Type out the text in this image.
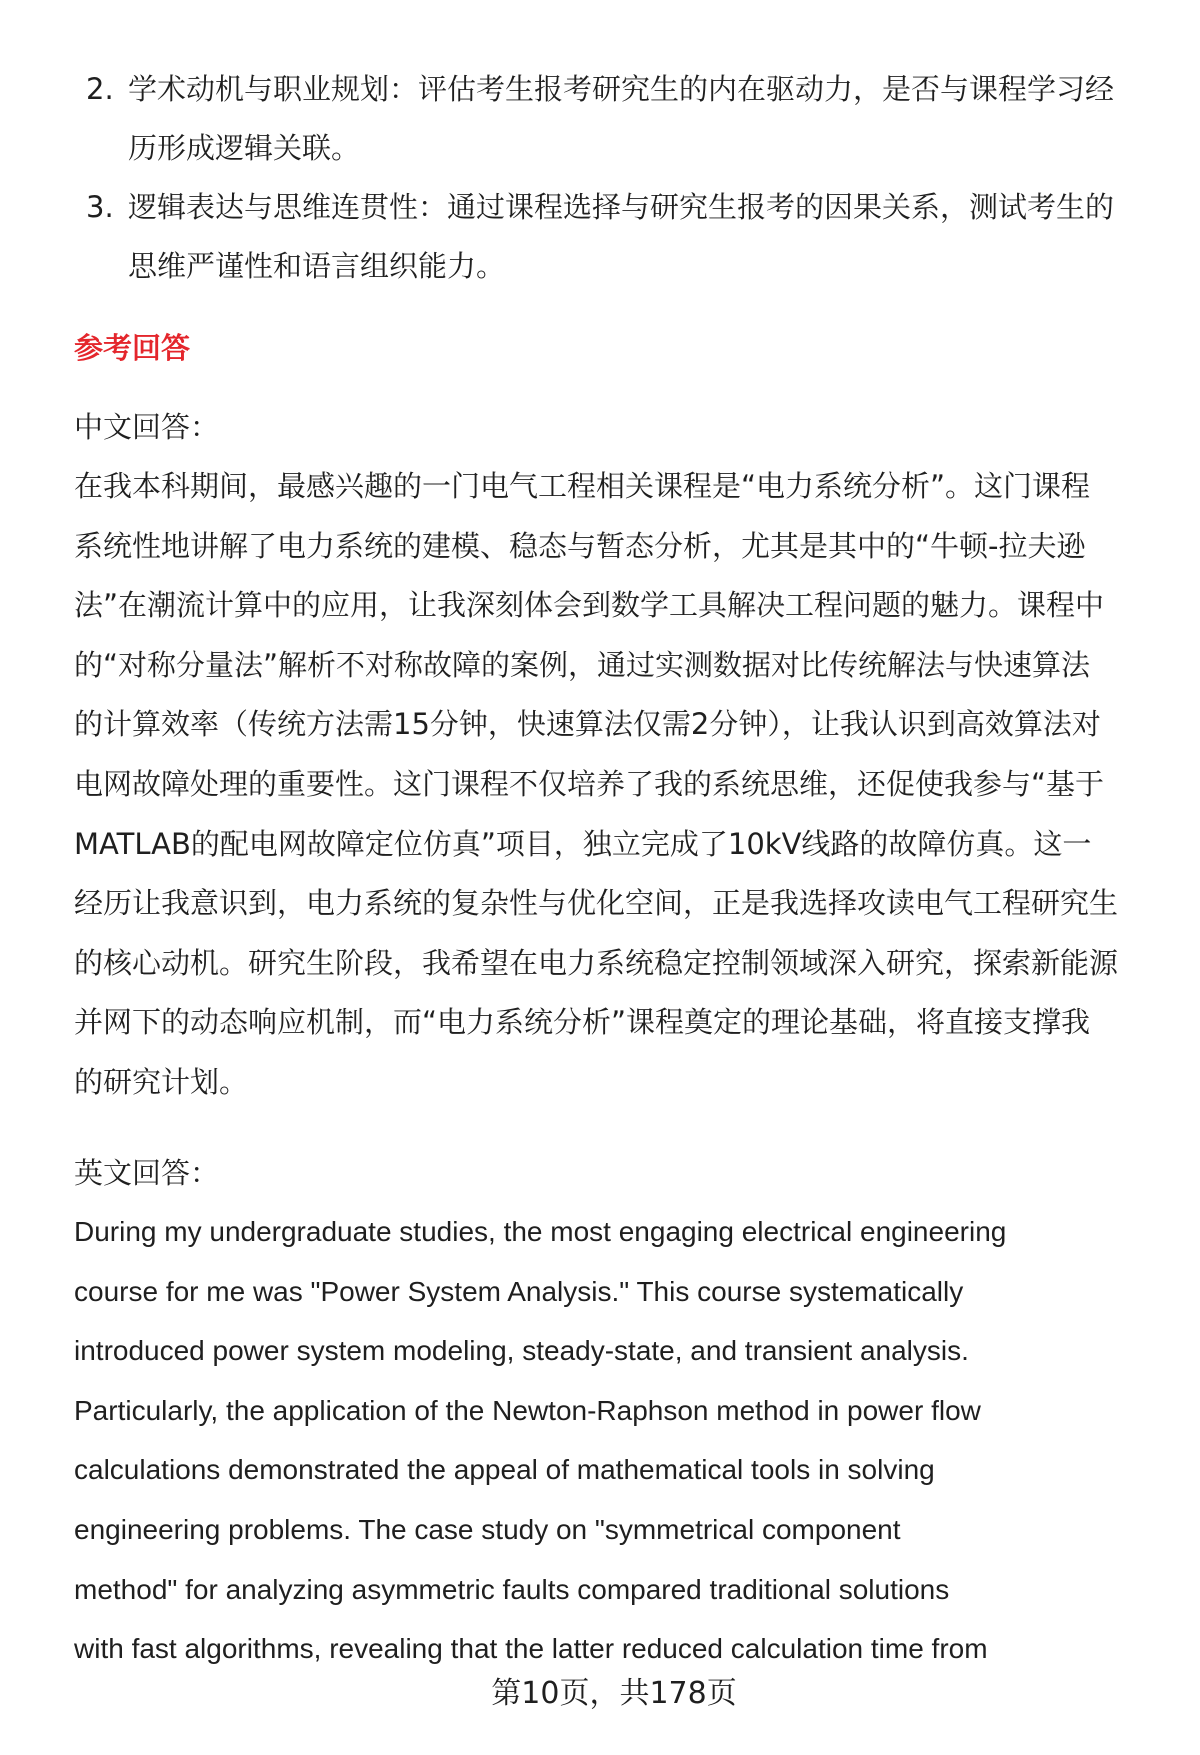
2. 学术动机与职业规划：评估考生报考研究生的内在驱动力，是否与课程学习经
历形成逻辑关联。
3. 逻辑表达与思维连贯性：通过课程选择与研究生报考的因果关系，测试考生的
思维严谨性和语言组织能力。
参考回答
中文回答：
在我本科期间，最感兴趣的一门电气工程相关课程是“电力系统分析”。这门课程
系统性地讲解了电力系统的建模、稳态与暂态分析，尤其是其中的“牛顿-拉夫逊
法”在潮流计算中的应用，让我深刻体会到数学工具解决工程问题的魅力。课程中
的“对称分量法”解析不对称故障的案例，通过实测数据对比传统解法与快速算法
的计算效率（传统方法需15分钟，快速算法仅需2分钟），让我认识到高效算法对
电网故障处理的重要性。这门课程不仅培养了我的系统思维，还促使我参与“基于
MATLAB的配电网故障定位仿真”项目，独立完成了10kV线路的故障仿真。这一
经历让我意识到，电力系统的复杂性与优化空间，正是我选择攻读电气工程研究生
的核心动机。研究生阶段，我希望在电力系统稳定控制领域深入研究，探索新能源
并网下的动态响应机制，而“电力系统分析”课程奠定的理论基础，将直接支撑我
的研究计划。
英文回答：
During my undergraduate studies, the most engaging electrical engineering
course for me was "Power System Analysis." This course systematically
introduced power system modeling, steady-state, and transient analysis.
Particularly, the application of the Newton-Raphson method in power flow
calculations demonstrated the appeal of mathematical tools in solving
engineering problems. The case study on "symmetrical component
method" for analyzing asymmetric faults compared traditional solutions
with fast algorithms, revealing that the latter reduced calculation time from
第10页，共178页
